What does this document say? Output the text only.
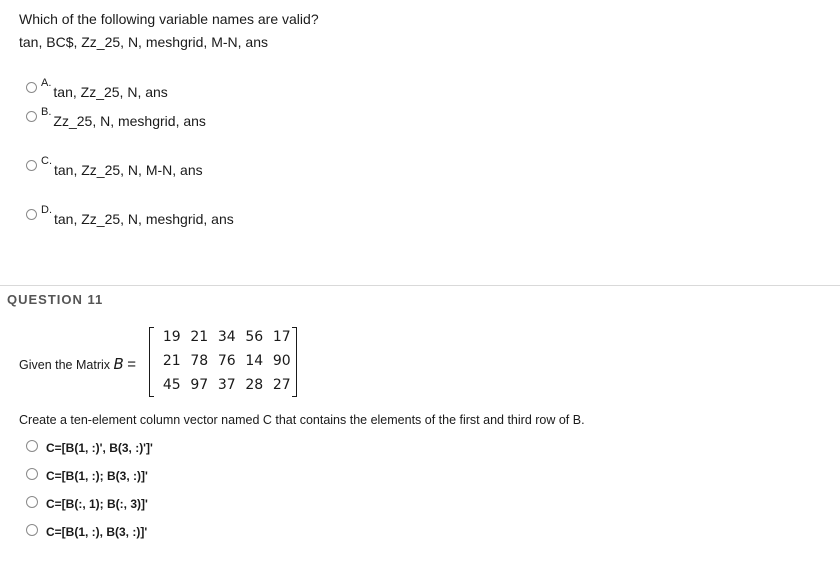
Which of the following variable names are valid?
tan, BC$, Zz_25, N, meshgrid, M-N, ans
A.
tan, Zz_25, N, ans
B.
Zz_25, N, meshgrid, ans
C.
tan, Zz_25, N, M-N, ans
D.
tan, Zz_25, N, meshgrid, ans
QUESTION 11
Given the Matrix B =
19 21 34 56 17
21 78 76 14 90
45 97 37 28 27
Create a ten-element column vector named C that contains the elements of the first and third row of B.
C=[B(1, :)', B(3, :)']'
C=[B(1, :); B(3, :)]'
C=[B(:, 1); B(:, 3)]'
C=[B(1, :), B(3, :)]'
